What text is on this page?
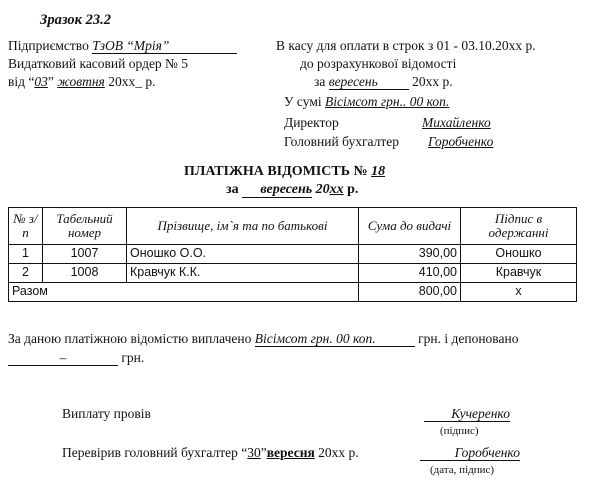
Зразок 23.2
Підприємство ТзОВ “Мрія”
Видатковий касовий ордер № 5
від “03” жовтня 20хх_ р.
В касу для оплати в строк з 01 - 03.10.20хх р.
до розрахункової відомості
за вересень 20хх р.
У сумі Вісімсот грн.. 00 коп.
Директор	Михайленко
Головний бухгалтер Горобченко
ПЛАТІЖНА ВІДОМІСТЬ № 18
за вересень 20хх р.
№ з/п	Табельний номер	Прізвище, ім`я та по батькові	Сума до видачі	Підпис в одержанні
1	1007	Оношко О.О.	390,00	Оношко
2	1008	Кравчук К.К.	410,00	Кравчук
Разом			800,00	х
За даною платіжною відомістю виплачено Вісімсот грн. 00 коп.	грн. і депоновано
–	грн.
Виплату провів	Кучеренко
(підпис)
Перевірив головний бухгалтер “30”вересня 20хх р.	Горобченко
(дата, підпис)
